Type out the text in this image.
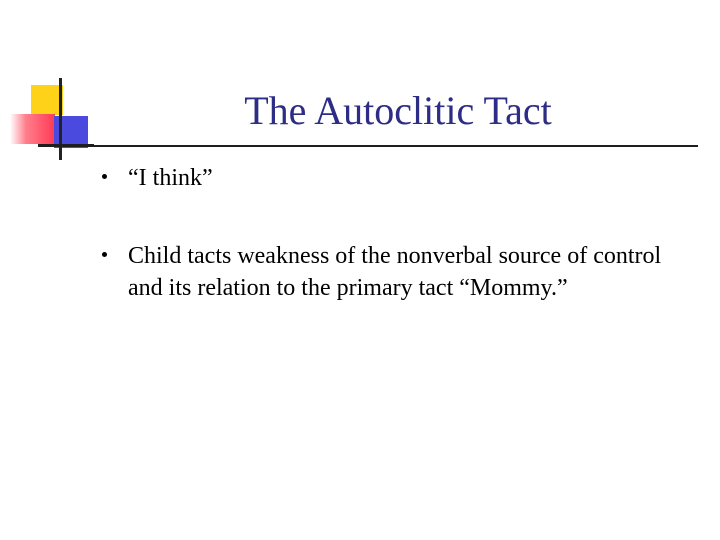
The Autoclitic Tact
“I think”
Child tacts weakness of the nonverbal source of control and its relation to the primary tact “Mommy.”
